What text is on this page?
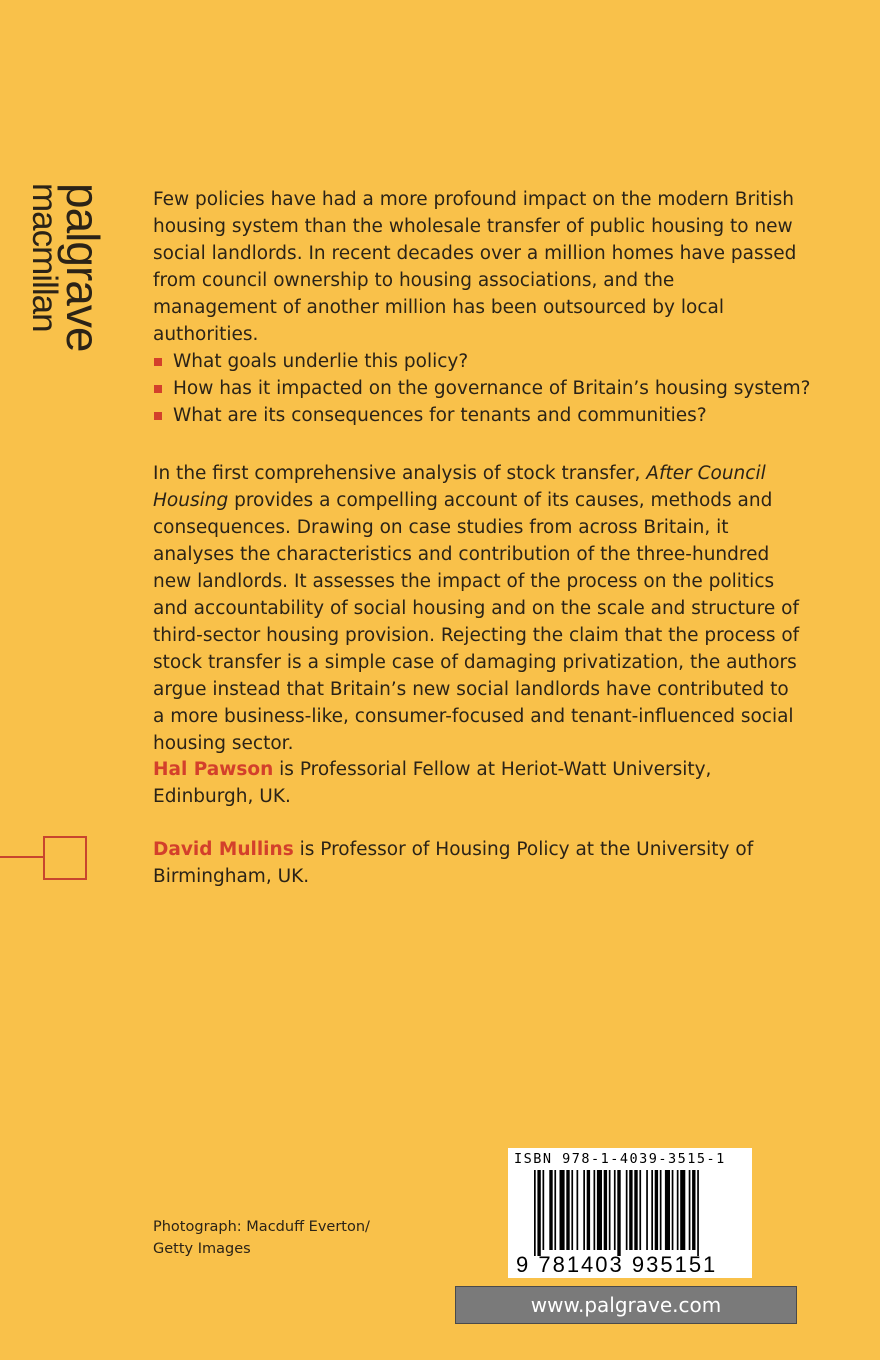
palgrave
macmillan	Few policies have had a more profound impact on the modern British housing system than the wholesale transfer of public housing to new social landlords. In recent decades over a million homes have passed from council ownership to housing associations, and the management of another million has been outsourced by local authorities.

What goals underlie this policy?
How has it impacted on the governance of Britain’s housing system?
What are its consequences for tenants and communities?

In the first comprehensive analysis of stock transfer, After Council Housing provides a compelling account of its causes, methods and consequences. Drawing on case studies from across Britain, it analyses the characteristics and contribution of the three-hundred new landlords. It assesses the impact of the process on the politics and accountability of social housing and on the scale and structure of third-sector housing provision. Rejecting the claim that the process of stock transfer is a simple case of damaging privatization, the authors argue instead that Britain’s new social landlords have contributed to a more business-like, consumer-focused and tenant-influenced social housing sector.

Hal Pawson is Professorial Fellow at Heriot-Watt University, Edinburgh, UK.

David Mullins is Professor of Housing Policy at the University of Birmingham, UK.

Photograph: Macduff Everton/
Getty Images
ISBN 978-1-4039-3515-1
9 781403 935151
www.palgrave.com
